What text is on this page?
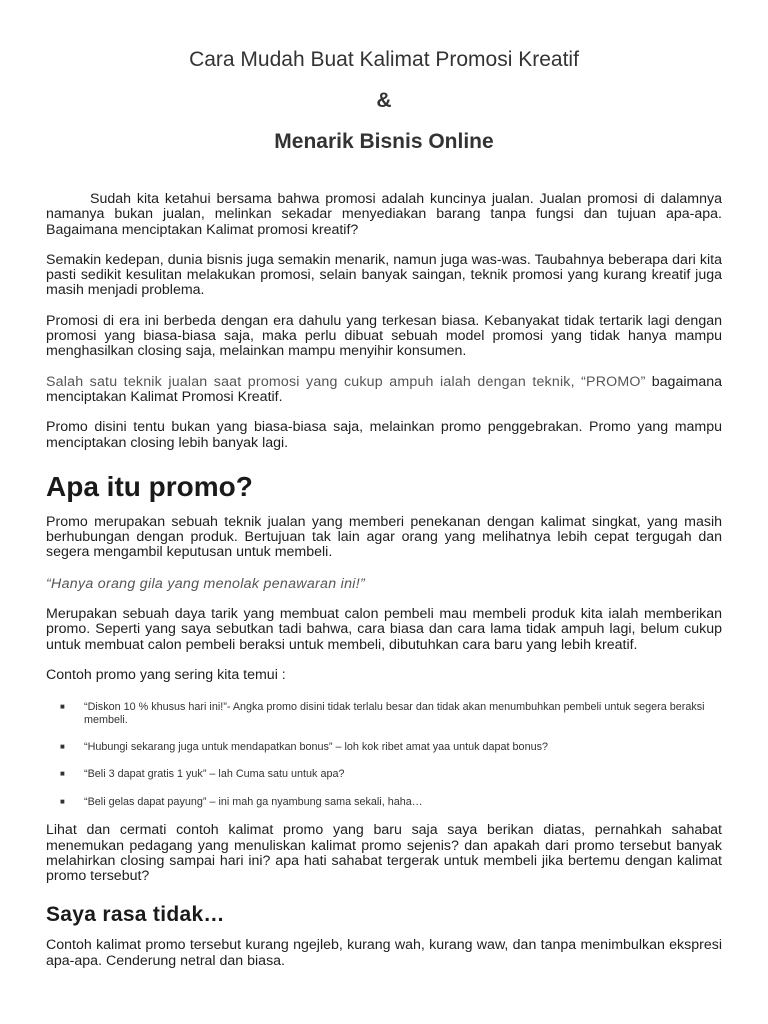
Cara Mudah Buat Kalimat Promosi Kreatif
&
Menarik Bisnis Online

Sudah kita ketahui bersama bahwa promosi adalah kuncinya jualan. Jualan promosi di dalamnya namanya bukan jualan, melinkan sekadar menyediakan barang tanpa fungsi dan tujuan apa-apa. Bagaimana menciptakan Kalimat promosi kreatif?

Semakin kedepan, dunia bisnis juga semakin menarik, namun juga was-was. Taubahnya beberapa dari kita pasti sedikit kesulitan melakukan promosi, selain banyak saingan, teknik promosi yang kurang kreatif juga masih menjadi problema.

Promosi di era ini berbeda dengan era dahulu yang terkesan biasa. Kebanyakat tidak tertarik lagi dengan promosi yang biasa-biasa saja, maka perlu dibuat sebuah model promosi yang tidak hanya mampu menghasilkan closing saja, melainkan mampu menyihir konsumen.

Salah satu teknik jualan saat promosi yang cukup ampuh ialah dengan teknik, “PROMO” bagaimana menciptakan Kalimat Promosi Kreatif.

Promo disini tentu bukan yang biasa-biasa saja, melainkan promo penggebrakan. Promo yang mampu menciptakan closing lebih banyak lagi.

Apa itu promo?

Promo merupakan sebuah teknik jualan yang memberi penekanan dengan kalimat singkat, yang masih berhubungan dengan produk. Bertujuan tak lain agar orang yang melihatnya lebih cepat tergugah dan segera mengambil keputusan untuk membeli.

“Hanya orang gila yang menolak penawaran ini!”

Merupakan sebuah daya tarik yang membuat calon pembeli mau membeli produk kita ialah memberikan promo. Seperti yang saya sebutkan tadi bahwa, cara biasa dan cara lama tidak ampuh lagi, belum cukup untuk membuat calon pembeli beraksi untuk membeli, dibutuhkan cara baru yang lebih kreatif.

Contoh promo yang sering kita temui :

■ “Diskon 10 % khusus hari ini!”- Angka promo disini tidak terlalu besar dan tidak akan menumbuhkan pembeli untuk segera beraksi membeli.
■ “Hubungi sekarang juga untuk mendapatkan bonus” – loh kok ribet amat yaa untuk dapat bonus?
■ “Beli 3 dapat gratis 1 yuk” – lah Cuma satu untuk apa?
■ “Beli gelas dapat payung” – ini mah ga nyambung sama sekali, haha…

Lihat dan cermati contoh kalimat promo yang baru saja saya berikan diatas, pernahkah sahabat menemukan pedagang yang menuliskan kalimat promo sejenis? dan apakah dari promo tersebut banyak melahirkan closing sampai hari ini? apa hati sahabat tergerak untuk membeli jika bertemu dengan kalimat promo tersebut?

Saya rasa tidak…

Contoh kalimat promo tersebut kurang ngejleb, kurang wah, kurang waw, dan tanpa menimbulkan ekspresi apa-apa. Cenderung netral dan biasa.
